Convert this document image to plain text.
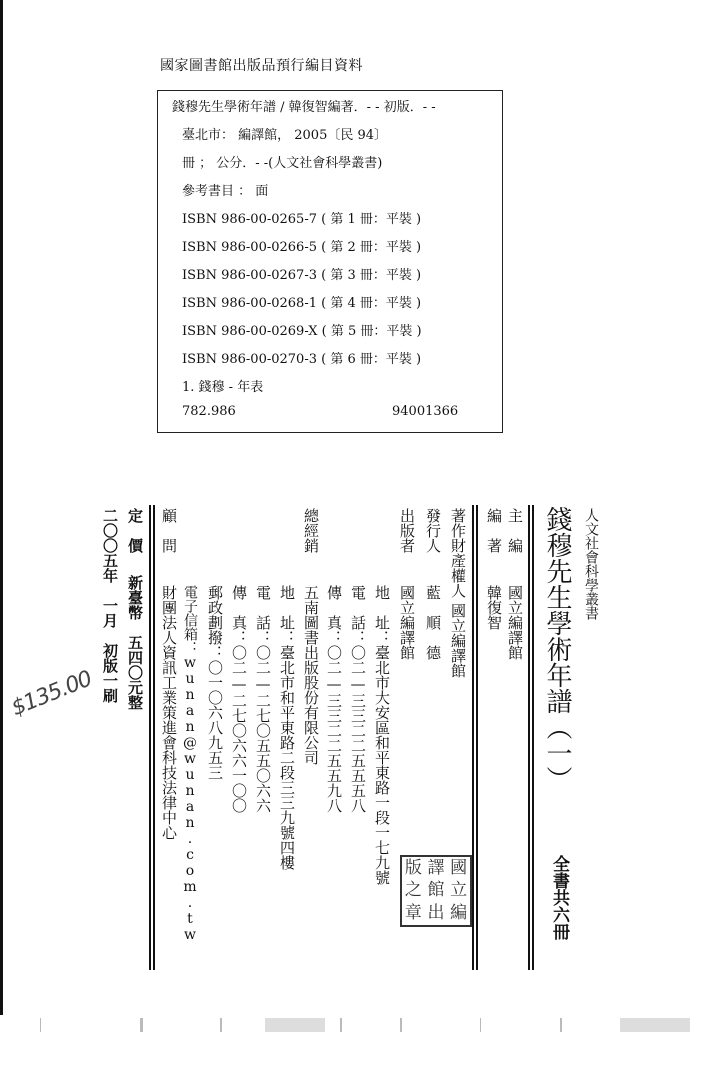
國家圖書館出版品預行編目資料
錢穆先生學術年譜 / 韓復智編著．- - 初版．- -
臺北市： 編譯館， 2005〔民 94〕
冊 ； 公分．- -(人文社會科學叢書)
參考書目 ： 面
ISBN 986-00-0265-7 ( 第 1 冊：平裝 )
ISBN 986-00-0266-5 ( 第 2 冊：平裝 )
ISBN 986-00-0267-3 ( 第 3 冊：平裝 )
ISBN 986-00-0268-1 ( 第 4 冊：平裝 )
ISBN 986-00-0269-X ( 第 5 冊：平裝 )
ISBN 986-00-0270-3 ( 第 6 冊：平裝 )
1. 錢穆 - 年表
782.986	94001366
人文社會科學叢書
錢穆先生學術年譜（一）
全書共六冊
主　編
國立編譯館
編　著
韓復智
著作財產權人
國立編譯館
發行人
藍　順　德
出版者
國立編譯館
地　址：臺北市大安區和平東路一段一七九號
電　話：〇二—三三二二五五五八
傳　真：〇二—三三二二五五九八
總經銷
五南圖書出版股份有限公司
地　址：臺北市和平東路二段三三九號四樓
電　話：〇二—二七〇五五〇六六
傳　真：〇二—二七〇六六一〇〇
郵政劃撥：〇一〇六八九五三
電子信箱：wunan@wunan.com.tw
顧　問
財團法人資訊工業策進會科技法律中心
定　價
新臺幣　五四〇元整
二〇〇五年　一月　初版一刷
版 譯 國
之 館 立
章 出 編
$135.00
